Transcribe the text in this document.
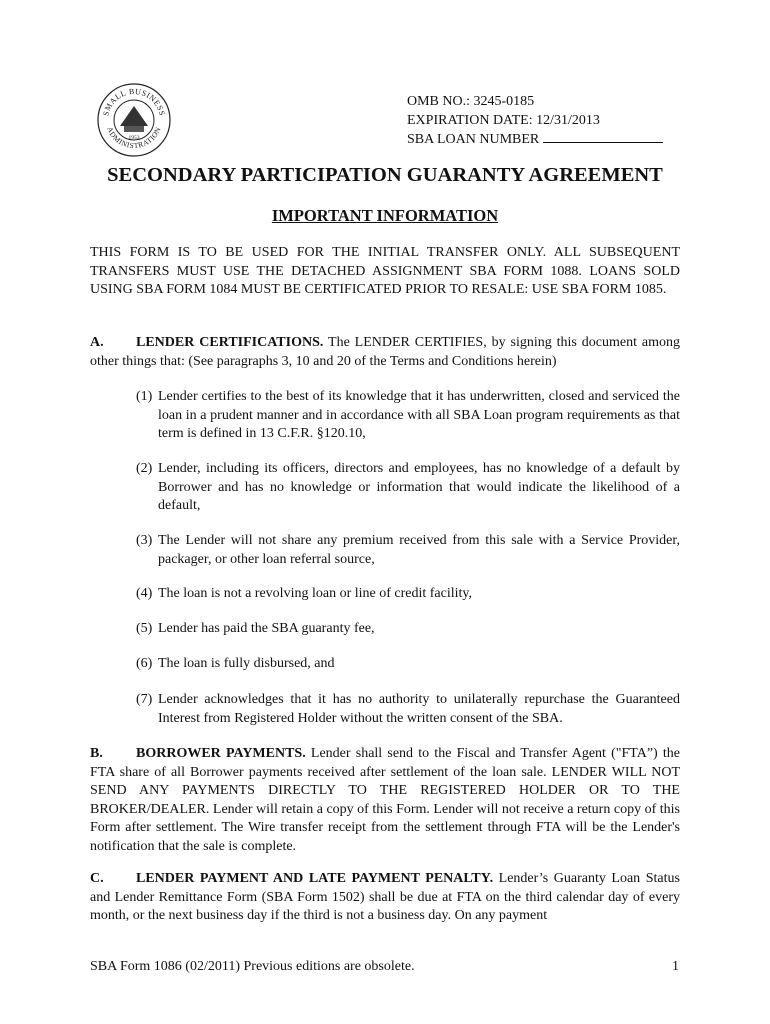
SMALL BUSINESS
ADMINISTRATION
1953
OMB NO.: 3245-0185
EXPIRATION DATE: 12/31/2013
SBA LOAN NUMBER
SECONDARY PARTICIPATION GUARANTY AGREEMENT
IMPORTANT INFORMATION
THIS FORM IS TO BE USED FOR THE INITIAL TRANSFER ONLY. ALL SUBSEQUENT TRANSFERS MUST USE THE DETACHED ASSIGNMENT SBA FORM 1088. LOANS SOLD USING SBA FORM 1084 MUST BE CERTIFICATED PRIOR TO RESALE: USE SBA FORM 1085.
A. LENDER CERTIFICATIONS. The LENDER CERTIFIES, by signing this document among other things that: (See paragraphs 3, 10 and 20 of the Terms and Conditions herein)
(1) Lender certifies to the best of its knowledge that it has underwritten, closed and serviced the loan in a prudent manner and in accordance with all SBA Loan program requirements as that term is defined in 13 C.F.R. §120.10,
(2) Lender, including its officers, directors and employees, has no knowledge of a default by Borrower and has no knowledge or information that would indicate the likelihood of a default,
(3) The Lender will not share any premium received from this sale with a Service Provider, packager, or other loan referral source,
(4) The loan is not a revolving loan or line of credit facility,
(5) Lender has paid the SBA guaranty fee,
(6) The loan is fully disbursed, and
(7) Lender acknowledges that it has no authority to unilaterally repurchase the Guaranteed Interest from Registered Holder without the written consent of the SBA.
B. BORROWER PAYMENTS. Lender shall send to the Fiscal and Transfer Agent ("FTA”) the FTA share of all Borrower payments received after settlement of the loan sale. LENDER WILL NOT SEND ANY PAYMENTS DIRECTLY TO THE REGISTERED HOLDER OR TO THE BROKER/DEALER. Lender will retain a copy of this Form. Lender will not receive a return copy of this Form after settlement. The Wire transfer receipt from the settlement through FTA will be the Lender's notification that the sale is complete.
C. LENDER PAYMENT AND LATE PAYMENT PENALTY. Lender’s Guaranty Loan Status and Lender Remittance Form (SBA Form 1502) shall be due at FTA on the third calendar day of every month, or the next business day if the third is not a business day. On any payment
SBA Form 1086 (02/2011) Previous editions are obsolete.	1
